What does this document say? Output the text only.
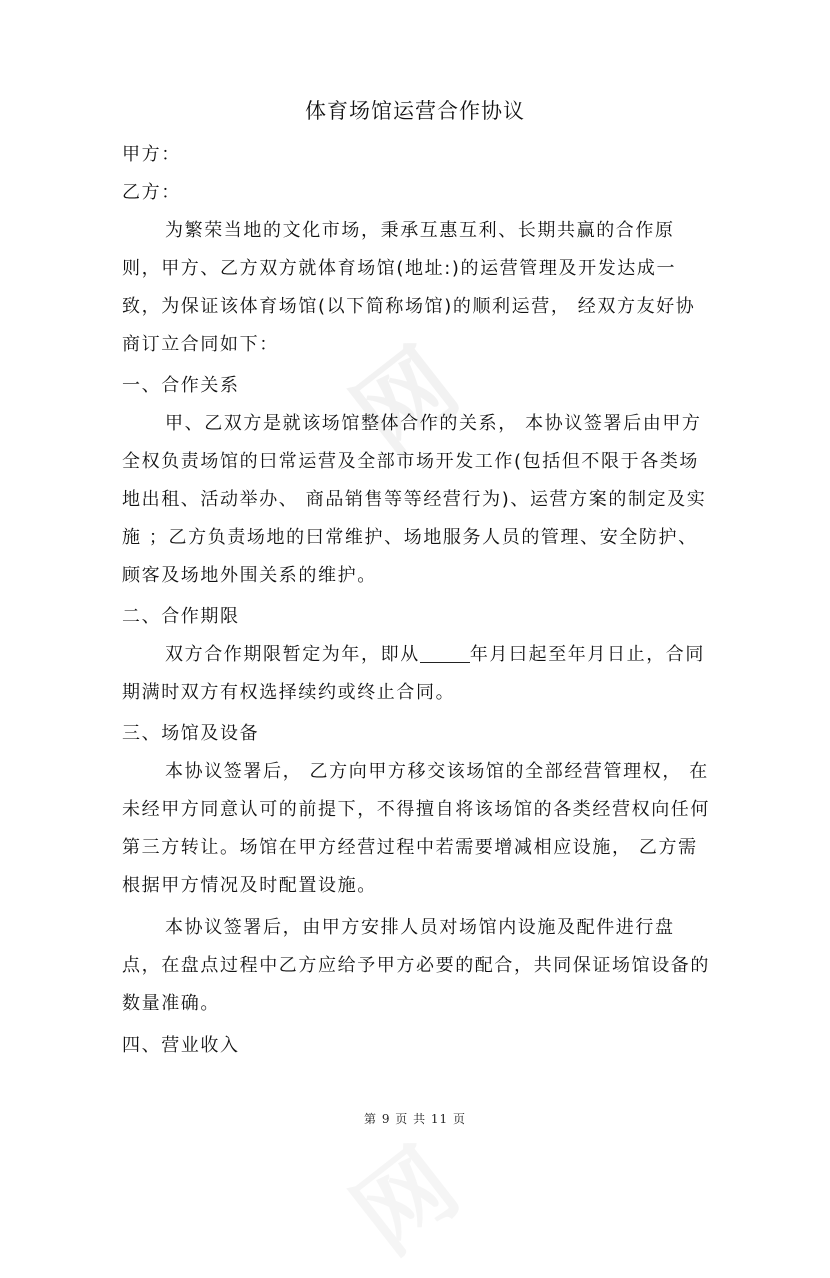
网
网
体育场馆运营合作协议

甲方：

乙方：

为繁荣当地的文化市场，秉承互惠互利、长期共赢的合作原则，甲方、乙方双方就体育场馆(地址:)的运营管理及开发达成一致，为保证该体育场馆(以下简称场馆)的顺利运营， 经双方友好协商订立合同如下：

一、合作关系

甲、乙双方是就该场馆整体合作的关系， 本协议签署后由甲方全权负责场馆的曰常运营及全部市场开发工作(包括但不限于各类场地出租、活动举办、 商品销售等等经营行为)、运营方案的制定及实施 ；乙方负责场地的曰常维护、场地服务人员的管理、安全防护、顾客及场地外围关系的维护。

二、合作期限

双方合作期限暂定为年，即从	年月曰起至年月日止，合同期满时双方有权选择续约或终止合同。

三、场馆及设备

本协议签署后， 乙方向甲方移交该场馆的全部经营管理权， 在未经甲方同意认可的前提下，不得擅自将该场馆的各类经营权向任何第三方转让。场馆在甲方经营过程中若需要增减相应设施， 乙方需根据甲方情况及时配置设施。

本协议签署后，由甲方安排人员对场馆内设施及配件进行盘点，在盘点过程中乙方应给予甲方必要的配合，共同保证场馆设备的数量准确。

四、营业收入

第 9 页 共 11 页
